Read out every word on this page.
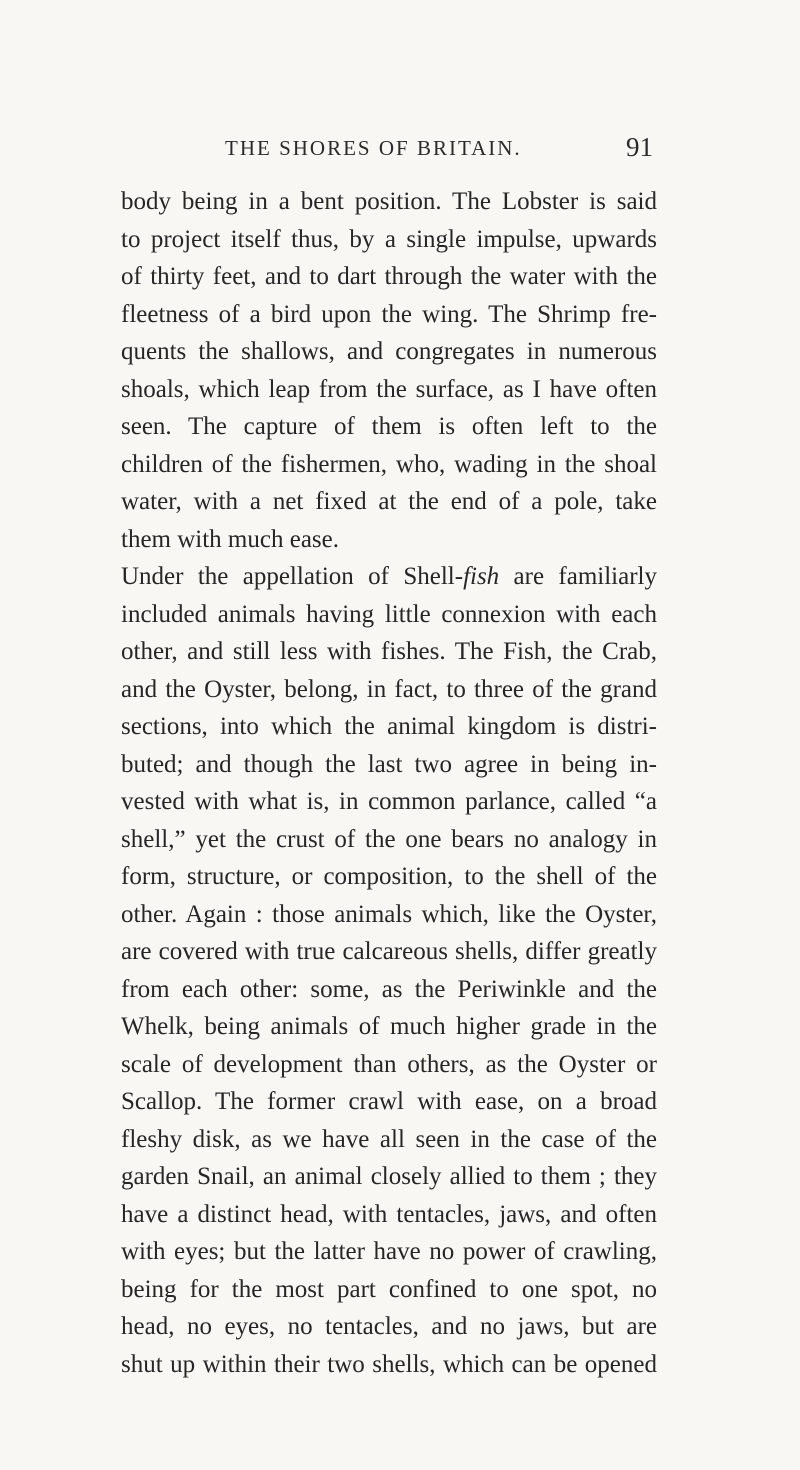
THE SHORES OF BRITAIN.	91
body being in a bent position. The Lobster is said
to project itself thus, by a single impulse, upwards
of thirty feet, and to dart through the water with the
fleetness of a bird upon the wing. The Shrimp fre-
quents the shallows, and congregates in numerous
shoals, which leap from the surface, as I have often
seen. The capture of them is often left to the
children of the fishermen, who, wading in the shoal
water, with a net fixed at the end of a pole, take
them with much ease.
Under the appellation of Shell-fish are familiarly
included animals having little connexion with each
other, and still less with fishes. The Fish, the Crab,
and the Oyster, belong, in fact, to three of the grand
sections, into which the animal kingdom is distri-
buted; and though the last two agree in being in-
vested with what is, in common parlance, called “a
shell,” yet the crust of the one bears no analogy in
form, structure, or composition, to the shell of the
other. Again : those animals which, like the Oyster,
are covered with true calcareous shells, differ greatly
from each other: some, as the Periwinkle and the
Whelk, being animals of much higher grade in the
scale of development than others, as the Oyster or
Scallop. The former crawl with ease, on a broad
fleshy disk, as we have all seen in the case of the
garden Snail, an animal closely allied to them ; they
have a distinct head, with tentacles, jaws, and often
with eyes; but the latter have no power of crawling,
being for the most part confined to one spot, no
head, no eyes, no tentacles, and no jaws, but are
shut up within their two shells, which can be opened
